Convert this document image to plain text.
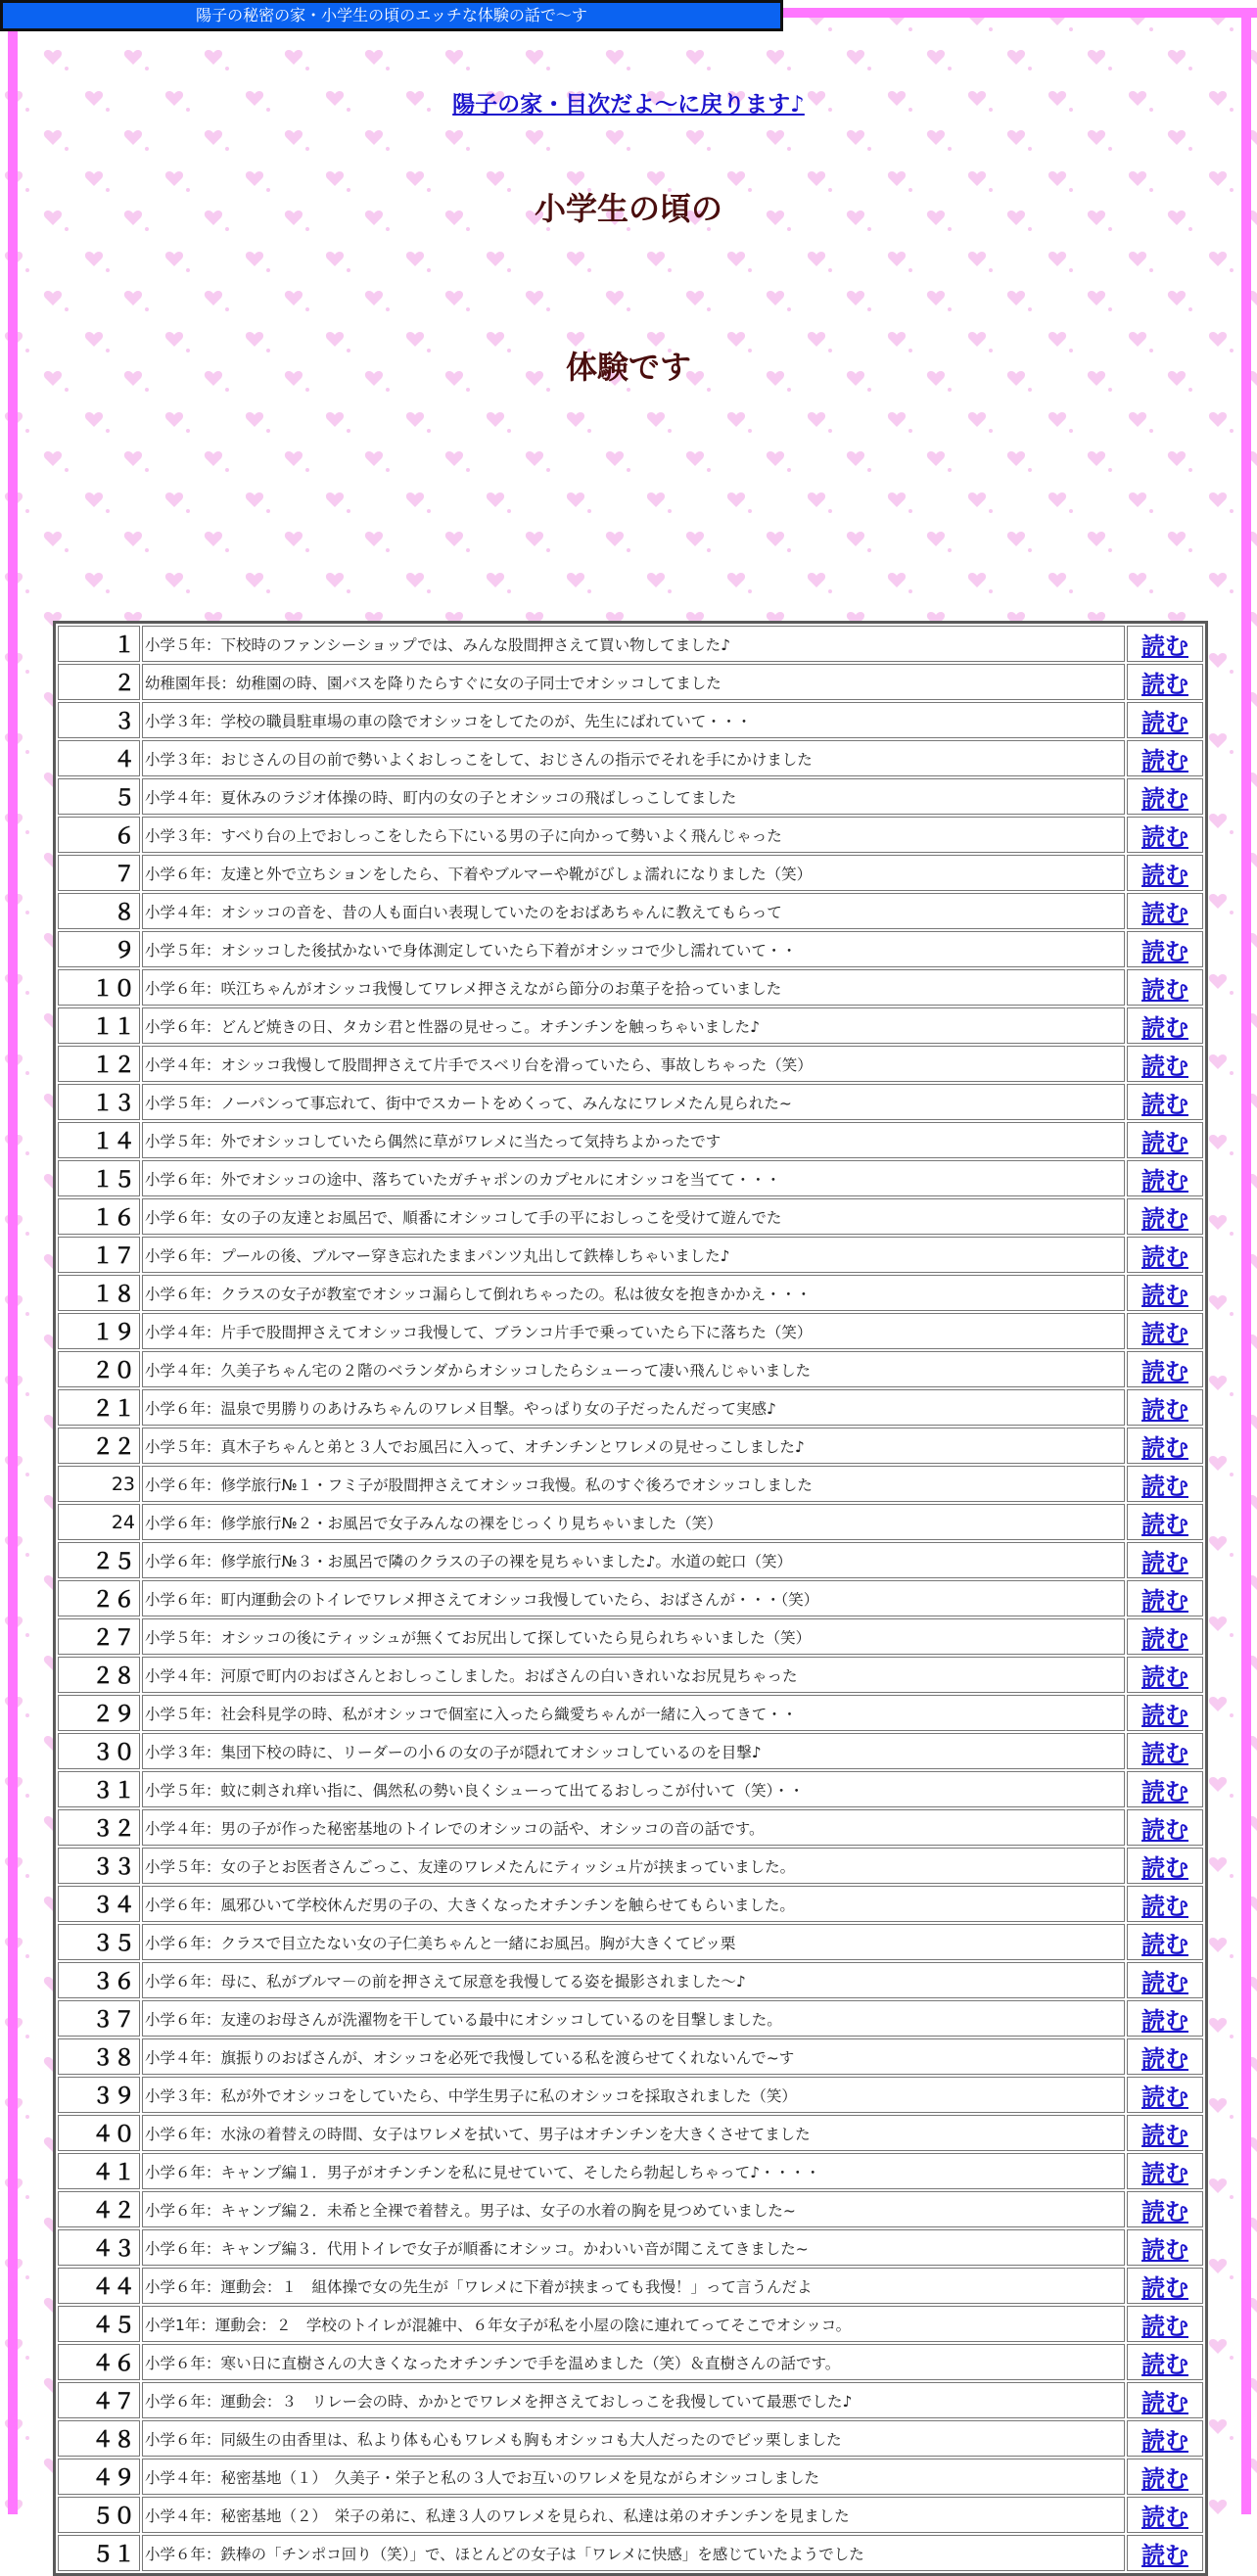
陽子の秘密の家・小学生の頃のエッチな体験の話で～す
陽子の家・目次だよ～に戻ります♪
小学生の頃の
体験です
１	小学５年：下校時のファンシーショップでは、みんな股間押さえて買い物してました♪	読む
２	幼稚園年長：幼稚園の時、園バスを降りたらすぐに女の子同士でオシッコしてました	読む
３	小学３年：学校の職員駐車場の車の陰でオシッコをしてたのが、先生にばれていて・・・	読む
４	小学３年：おじさんの目の前で勢いよくおしっこをして、おじさんの指示でそれを手にかけました	読む
５	小学４年：夏休みのラジオ体操の時、町内の女の子とオシッコの飛ばしっこしてました	読む
６	小学３年：すべり台の上でおしっこをしたら下にいる男の子に向かって勢いよく飛んじゃった	読む
７	小学６年：友達と外で立ちションをしたら、下着やブルマーや靴がびしょ濡れになりました（笑）	読む
８	小学４年：オシッコの音を、昔の人も面白い表現していたのをおばあちゃんに教えてもらって	読む
９	小学５年：オシッコした後拭かないで身体測定していたら下着がオシッコで少し濡れていて・・	読む
１０	小学６年：咲江ちゃんがオシッコ我慢してワレメ押さえながら節分のお菓子を拾っていました	読む
１１	小学６年：どんど焼きの日、タカシ君と性器の見せっこ。オチンチンを触っちゃいました♪	読む
１２	小学４年：オシッコ我慢して股間押さえて片手でスベリ台を滑っていたら、事故しちゃった（笑）	読む
１３	小学５年：ノーパンって事忘れて、街中でスカートをめくって、みんなにワレメたん見られた~	読む
１４	小学５年：外でオシッコしていたら偶然に草がワレメに当たって気持ちよかったです	読む
１５	小学６年：外でオシッコの途中、落ちていたガチャポンのカプセルにオシッコを当てて・・・	読む
１６	小学６年：女の子の友達とお風呂で、順番にオシッコして手の平におしっこを受けて遊んでた	読む
１７	小学６年：プールの後、ブルマー穿き忘れたままパンツ丸出して鉄棒しちゃいました♪	読む
１８	小学６年：クラスの女子が教室でオシッコ漏らして倒れちゃったの。私は彼女を抱きかかえ・・・	読む
１９	小学４年：片手で股間押さえてオシッコ我慢して、ブランコ片手で乗っていたら下に落ちた（笑）	読む
２０	小学４年：久美子ちゃん宅の２階のベランダからオシッコしたらシューって凄い飛んじゃいました	読む
２１	小学６年：温泉で男勝りのあけみちゃんのワレメ目撃。やっぱり女の子だったんだって実感♪	読む
２２	小学５年：真木子ちゃんと弟と３人でお風呂に入って、オチンチンとワレメの見せっこしました♪	読む
23	小学６年：修学旅行№１・フミ子が股間押さえてオシッコ我慢。私のすぐ後ろでオシッコしました	読む
24	小学６年：修学旅行№２・お風呂で女子みんなの裸をじっくり見ちゃいました（笑）	読む
２５	小学６年：修学旅行№３・お風呂で隣のクラスの子の裸を見ちゃいました♪。水道の蛇口（笑）	読む
２６	小学６年：町内運動会のトイレでワレメ押さえてオシッコ我慢していたら、おばさんが・・・（笑）	読む
２７	小学５年：オシッコの後にティッシュが無くてお尻出して探していたら見られちゃいました（笑）	読む
２８	小学４年：河原で町内のおばさんとおしっこしました。おばさんの白いきれいなお尻見ちゃった	読む
２９	小学５年：社会科見学の時、私がオシッコで個室に入ったら織愛ちゃんが一緒に入ってきて・・	読む
３０	小学３年：集団下校の時に、リーダーの小６の女の子が隠れてオシッコしているのを目撃♪	読む
３１	小学５年：蚊に刺され痒い指に、偶然私の勢い良くシューって出てるおしっこが付いて（笑）・・	読む
３２	小学４年：男の子が作った秘密基地のトイレでのオシッコの話や、オシッコの音の話です。	読む
３３	小学５年：女の子とお医者さんごっこ、友達のワレメたんにティッシュ片が挟まっていました。	読む
３４	小学６年：風邪ひいて学校休んだ男の子の、大きくなったオチンチンを触らせてもらいました。	読む
３５	小学６年：クラスで目立たない女の子仁美ちゃんと一緒にお風呂。胸が大きくてビッ栗	読む
３６	小学６年：母に、私がブルマ－の前を押さえて尿意を我慢してる姿を撮影されました～♪	読む
３７	小学６年：友達のお母さんが洗濯物を干している最中にオシッコしているのを目撃しました。	読む
３８	小学４年：旗振りのおばさんが、オシッコを必死で我慢している私を渡らせてくれないんで~す	読む
３９	小学３年：私が外でオシッコをしていたら、中学生男子に私のオシッコを採取されました（笑）	読む
４０	小学６年：水泳の着替えの時間、女子はワレメを拭いて、男子はオチンチンを大きくさせてました	読む
４１	小学６年：キャンプ編１．男子がオチンチンを私に見せていて、そしたら勃起しちゃって♪・・・・	読む
４２	小学６年：キャンプ編２．未希と全裸で着替え。男子は、女子の水着の胸を見つめていました~	読む
４３	小学６年：キャンプ編３．代用トイレで女子が順番にオシッコ。かわいい音が聞こえてきました~	読む
４４	小学６年：運動会：１　組体操で女の先生が「ワレメに下着が挟まっても我慢！」って言うんだよ	読む
４５	小学1年：運動会：２　学校のトイレが混雑中、６年女子が私を小屋の陰に連れてってそこでオシッコ。	読む
４６	小学６年：寒い日に直樹さんの大きくなったオチンチンで手を温めました（笑）＆直樹さんの話です。	読む
４７	小学６年：運動会：３　リレー会の時、かかとでワレメを押さえておしっこを我慢していて最悪でした♪	読む
４８	小学６年：同級生の由香里は、私より体も心もワレメも胸もオシッコも大人だったのでビッ栗しました	読む
４９	小学４年：秘密基地（１）　久美子・栄子と私の３人でお互いのワレメを見ながらオシッコしました	読む
５０	小学４年：秘密基地（２）　栄子の弟に、私達３人のワレメを見られ、私達は弟のオチンチンを見ました	読む
５１	小学６年：鉄棒の「チンポコ回り（笑）」で、ほとんどの女子は「ワレメに快感」を感じていたようでした	読む
